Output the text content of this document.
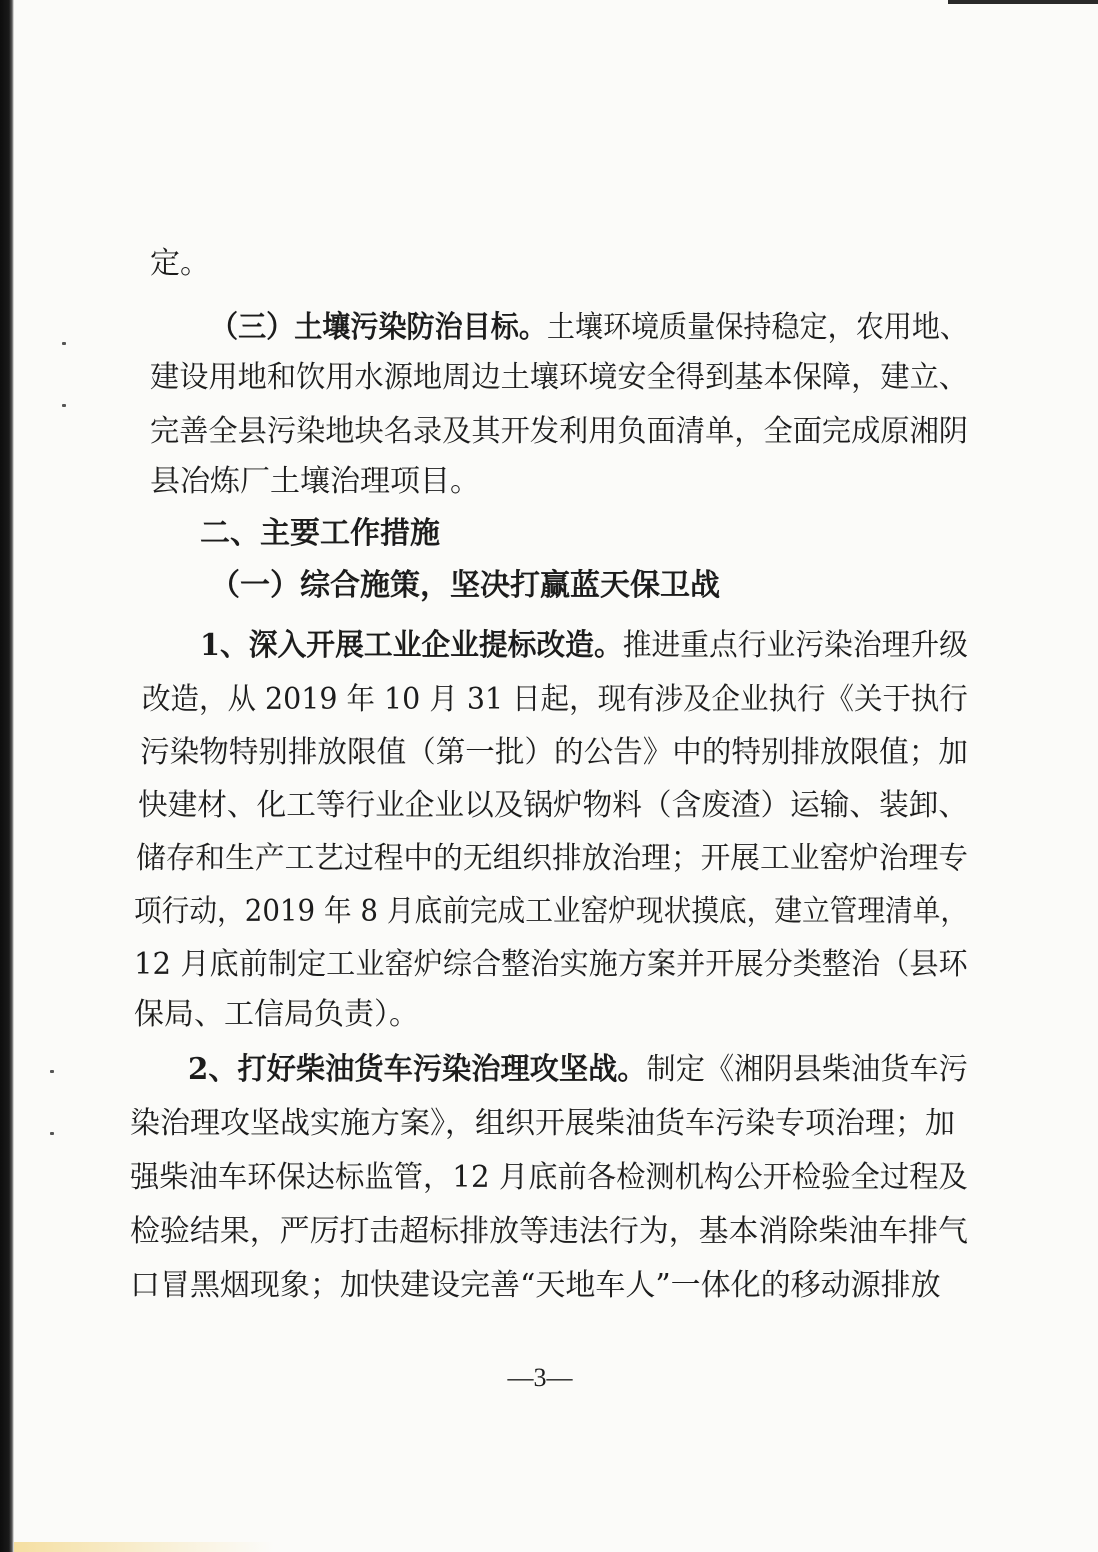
定。
（三）土壤污染防治目标。土壤环境质量保持稳定，农用地、
建设用地和饮用水源地周边土壤环境安全得到基本保障，建立、
完善全县污染地块名录及其开发利用负面清单，全面完成原湘阴
县冶炼厂土壤治理项目。
二、主要工作措施
（一）综合施策，坚决打赢蓝天保卫战
1、深入开展工业企业提标改造。推进重点行业污染治理升级
改造，从 2019 年 10 月 31 日起，现有涉及企业执行《关于执行
污染物特别排放限值（第一批）的公告》中的特别排放限值；加
快建材、化工等行业企业以及锅炉物料（含废渣）运输、装卸、
储存和生产工艺过程中的无组织排放治理；开展工业窑炉治理专
项行动，2019 年 8 月底前完成工业窑炉现状摸底，建立管理清单，
12 月底前制定工业窑炉综合整治实施方案并开展分类整治（县环
保局、工信局负责）。
2、打好柴油货车污染治理攻坚战。制定《湘阴县柴油货车污
染治理攻坚战实施方案》，组织开展柴油货车污染专项治理；加
强柴油车环保达标监管，12 月底前各检测机构公开检验全过程及
检验结果，严厉打击超标排放等违法行为，基本消除柴油车排气
口冒黑烟现象；加快建设完善“天地车人”一体化的移动源排放
—3—
